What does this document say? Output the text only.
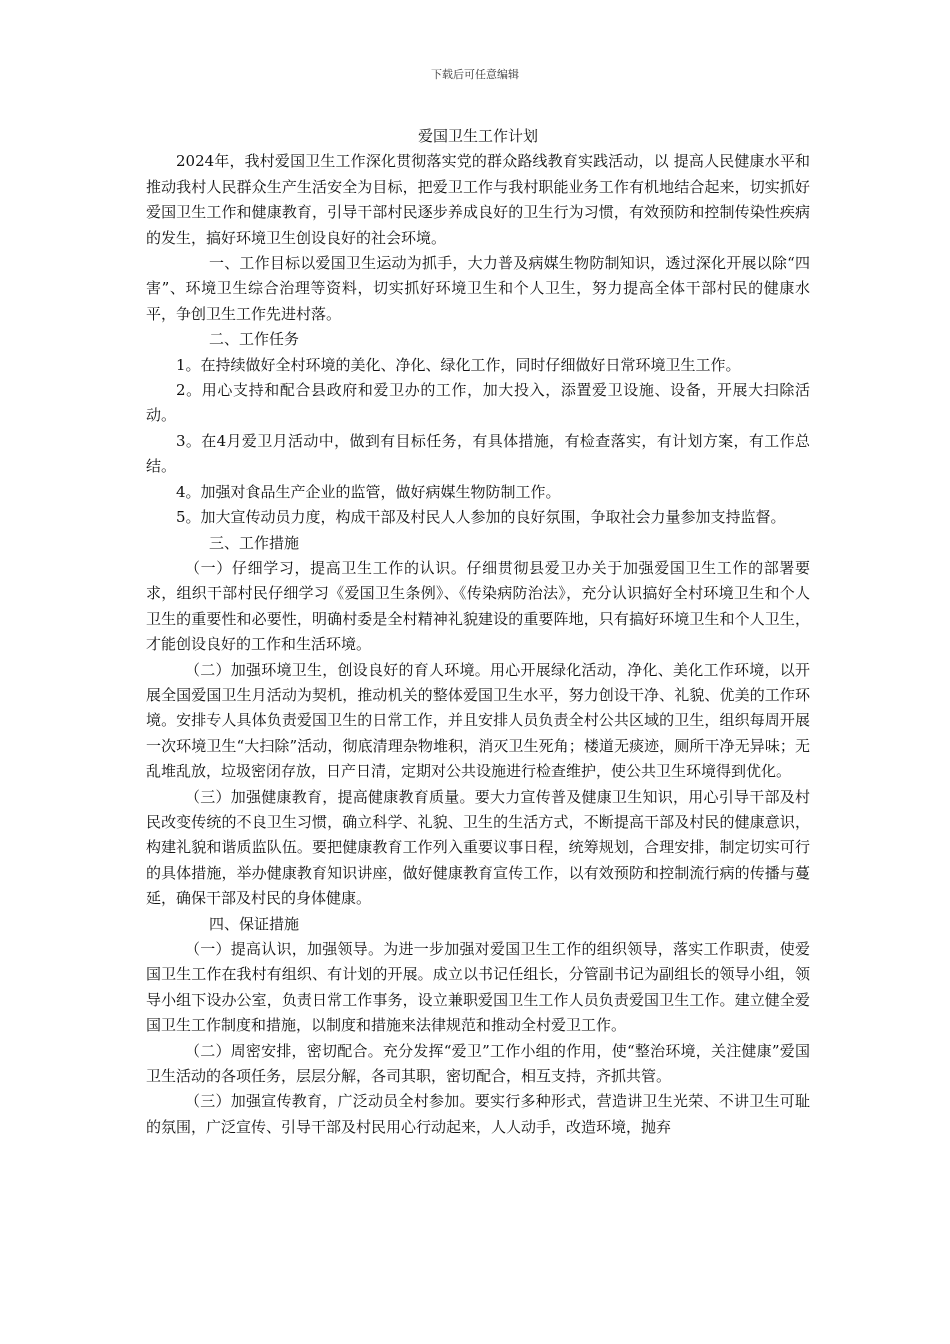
下载后可任意编辑

爱国卫生工作计划

2024年，我村爱国卫生工作深化贯彻落实党的群众路线教育实践活动，以 提高人民健康水平和推动我村人民群众生产生活安全为目标，把爱卫工作与我村职能业务工作有机地结合起来，切实抓好爱国卫生工作和健康教育，引导干部村民逐步养成良好的卫生行为习惯，有效预防和控制传染性疾病的发生，搞好环境卫生创设良好的社会环境。

一、工作目标以爱国卫生运动为抓手，大力普及病媒生物防制知识，透过深化开展以除“四害”、环境卫生综合治理等资料，切实抓好环境卫生和个人卫生，努力提高全体干部村民的健康水平，争创卫生工作先进村落。

二、工作任务

1。在持续做好全村环境的美化、净化、绿化工作，同时仔细做好日常环境卫生工作。

2。用心支持和配合县政府和爱卫办的工作，加大投入，添置爱卫设施、设备，开展大扫除活动。

3。在4月爱卫月活动中，做到有目标任务，有具体措施，有检查落实，有计划方案，有工作总结。

4。加强对食品生产企业的监管，做好病媒生物防制工作。

5。加大宣传动员力度，构成干部及村民人人参加的良好氛围，争取社会力量参加支持监督。

三、工作措施

（一）仔细学习，提高卫生工作的认识。仔细贯彻县爱卫办关于加强爱国卫生工作的部署要求，组织干部村民仔细学习《爱国卫生条例》、《传染病防治法》，充分认识搞好全村环境卫生和个人卫生的重要性和必要性，明确村委是全村精神礼貌建设的重要阵地，只有搞好环境卫生和个人卫生，才能创设良好的工作和生活环境。

（二）加强环境卫生，创设良好的育人环境。用心开展绿化活动，净化、美化工作环境，以开展全国爱国卫生月活动为契机，推动机关的整体爱国卫生水平，努力创设干净、礼貌、优美的工作环境。安排专人具体负责爱国卫生的日常工作，并且安排人员负责全村公共区域的卫生，组织每周开展一次环境卫生“大扫除”活动，彻底清理杂物堆积，消灭卫生死角；楼道无痰迹，厕所干净无异味；无乱堆乱放，垃圾密闭存放，日产日清，定期对公共设施进行检查维护，使公共卫生环境得到优化。

（三）加强健康教育，提高健康教育质量。要大力宣传普及健康卫生知识，用心引导干部及村民改变传统的不良卫生习惯，确立科学、礼貌、卫生的生活方式，不断提高干部及村民的健康意识，构建礼貌和谐质监队伍。要把健康教育工作列入重要议事日程，统筹规划，合理安排，制定切实可行的具体措施，举办健康教育知识讲座，做好健康教育宣传工作，以有效预防和控制流行病的传播与蔓延，确保干部及村民的身体健康。

四、保证措施

（一）提高认识，加强领导。为进一步加强对爱国卫生工作的组织领导，落实工作职责，使爱国卫生工作在我村有组织、有计划的开展。成立以书记任组长，分管副书记为副组长的领导小组，领导小组下设办公室，负责日常工作事务，设立兼职爱国卫生工作人员负责爱国卫生工作。建立健全爱国卫生工作制度和措施，以制度和措施来法律规范和推动全村爱卫工作。

（二）周密安排，密切配合。充分发挥“爱卫”工作小组的作用，使“整治环境，关注健康”爱国卫生活动的各项任务，层层分解，各司其职，密切配合，相互支持，齐抓共管。

（三）加强宣传教育，广泛动员全村参加。要实行多种形式，营造讲卫生光荣、不讲卫生可耻的氛围，广泛宣传、引导干部及村民用心行动起来，人人动手，改造环境，抛弃
